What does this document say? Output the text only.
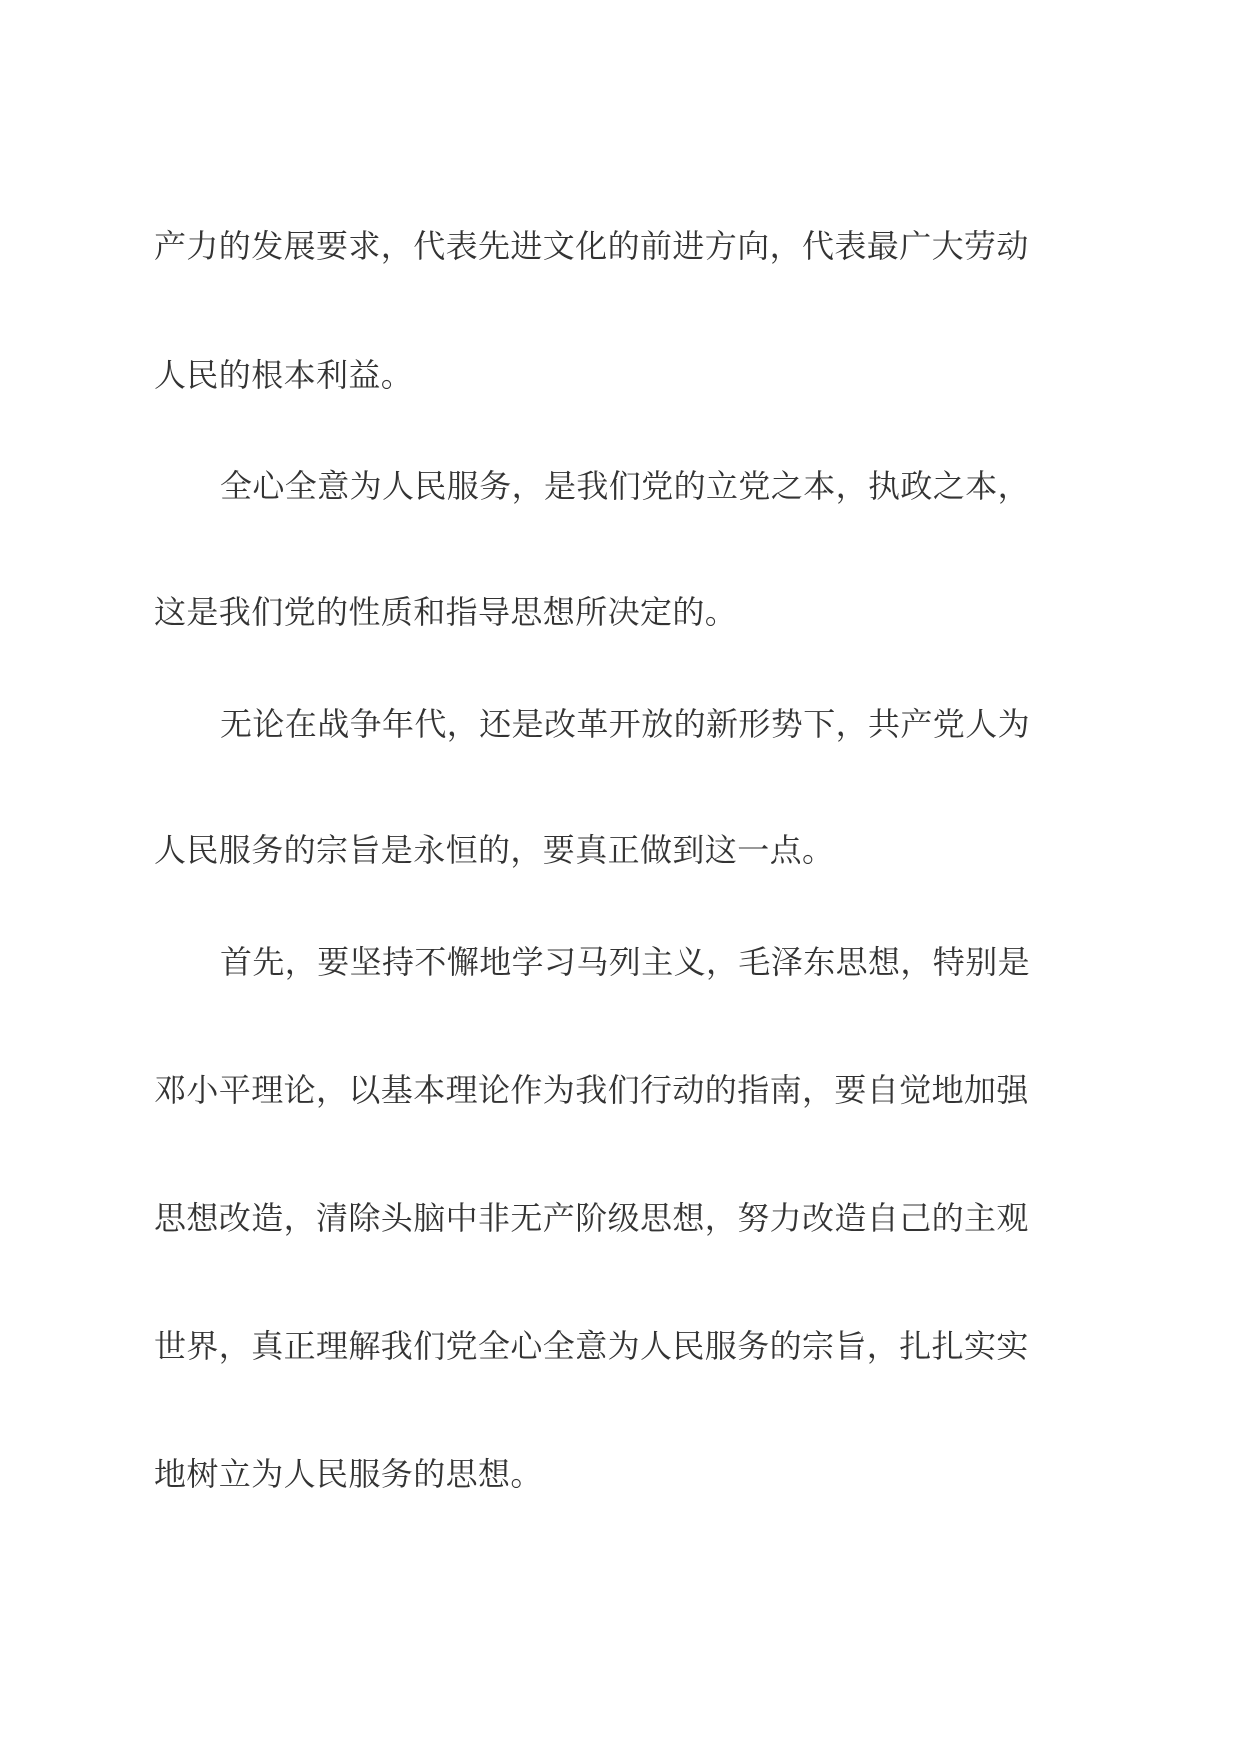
产力的发展要求，代表先进文化的前进方向，代表最广大劳动
人民的根本利益。
全心全意为人民服务，是我们党的立党之本，执政之本，
这是我们党的性质和指导思想所决定的。
无论在战争年代，还是改革开放的新形势下，共产党人为
人民服务的宗旨是永恒的，要真正做到这一点。
首先，要坚持不懈地学习马列主义，毛泽东思想，特别是
邓小平理论，以基本理论作为我们行动的指南，要自觉地加强
思想改造，清除头脑中非无产阶级思想，努力改造自己的主观
世界，真正理解我们党全心全意为人民服务的宗旨，扎扎实实
地树立为人民服务的思想。
